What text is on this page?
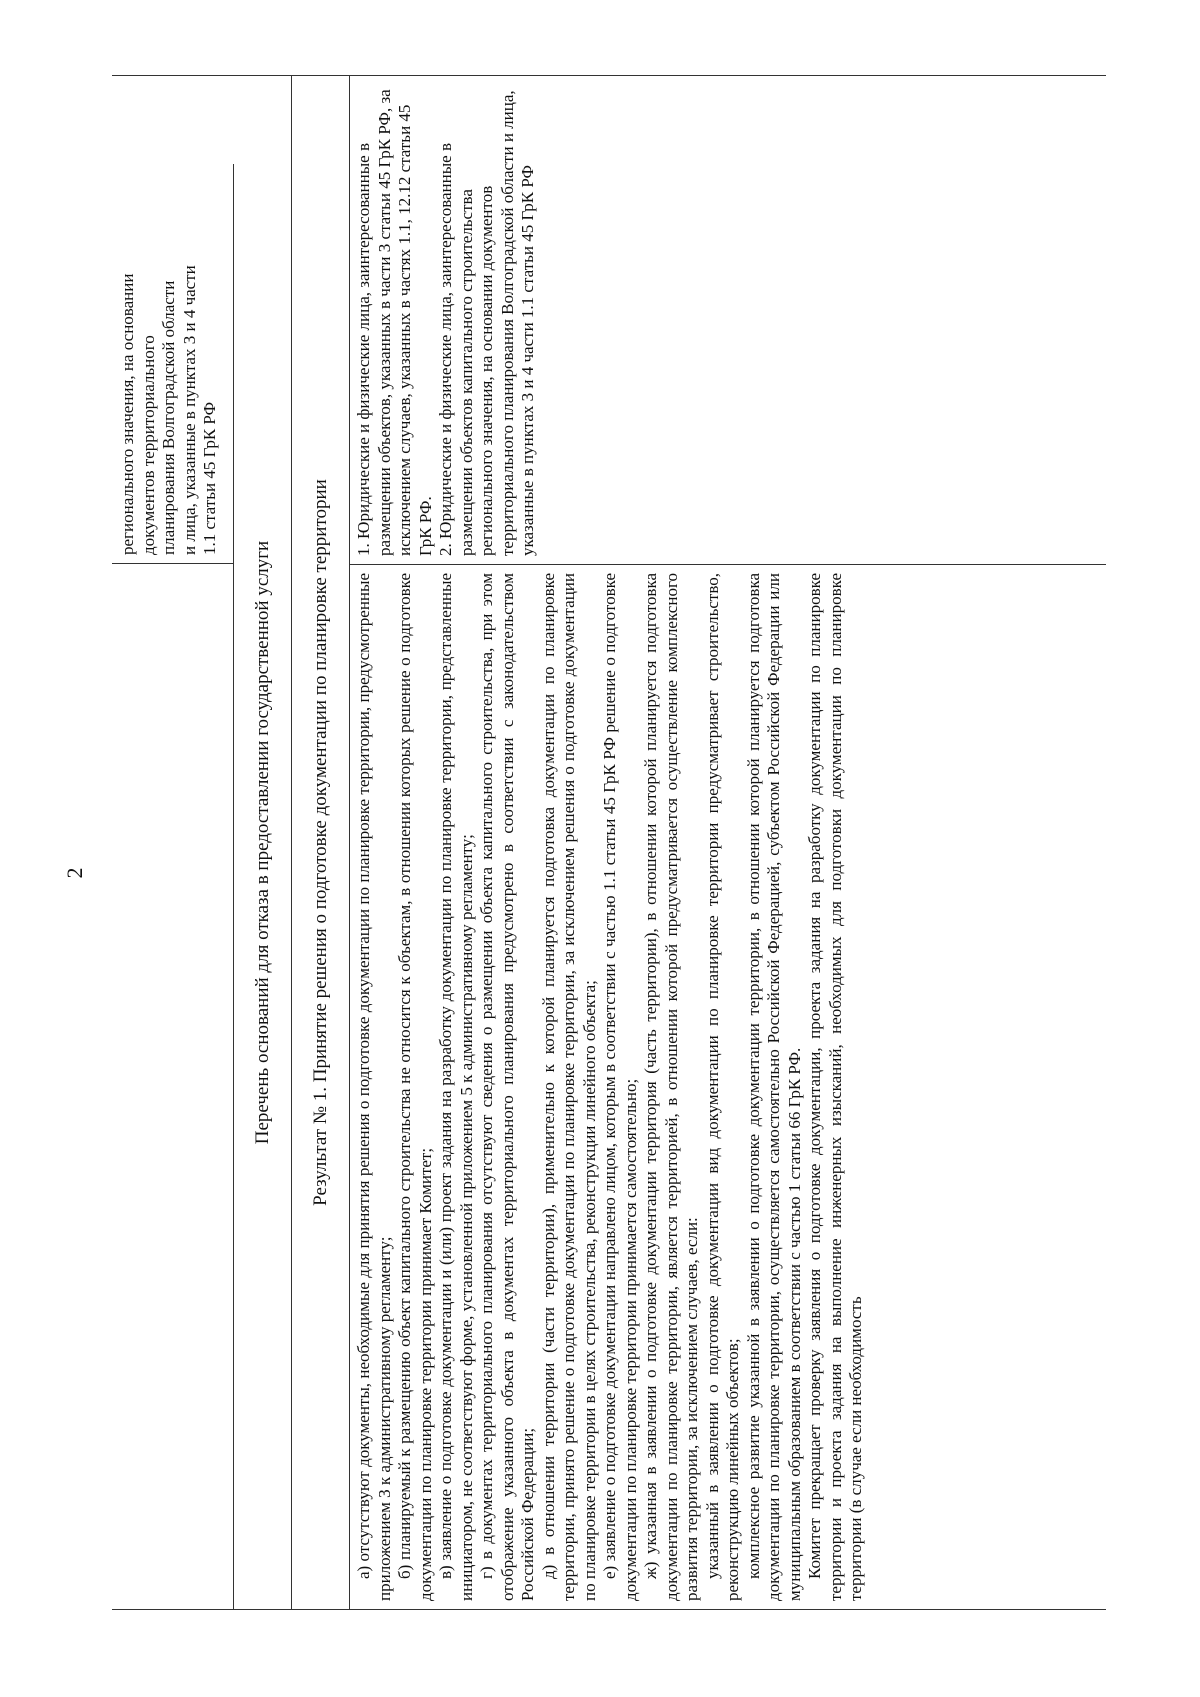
2
регионального значения, на основании
документов территориального
планирования Волгоградской области
и лица, указанные в пунктах 3 и 4 части
1.1 статьи 45 ГрК РФ
Перечень оснований для отказа в предоставлении государственной услуги	Результат № 1. Принятие решения о подготовке документации по планировке территории	а) отсутствуют документы, необходимые для принятия решения о подготовке документации по планировке территории, предусмотренные приложением 3 к административному регламенту; б) планируемый к размещению объект капитального строительства не относится к объектам, в отношении которых решение о подготовке документации по планировке территории принимает Комитет; в) заявление о подготовке документации и (или) проект задания на разработку документации по планировке территории, представленные инициатором, не соответствуют форме, установленной приложением 5 к административному регламенту; г) в документах территориального планирования отсутствуют сведения о размещении объекта капитального строительства, при этом отображение указанного объекта в документах территориального планирования предусмотрено в соответствии с законодательством Российской Федерации; д) в отношении территории (части территории), применительно к которой планируется подготовка документации по планировке территории, принято решение о подготовке документации по планировке территории, за исключением решения о подготовке документации по планировке территории в целях строительства, реконструкции линейного объекта; е) заявление о подготовке документации направлено лицом, которым в соответствии с частью 1.1 статьи 45 ГрК РФ решение о подготовке документации по планировке территории принимается самостоятельно; ж) указанная в заявлении о подготовке документации территория (часть территории), в отношении которой планируется подготовка документации по планировке территории, является территорией, в отношении которой предусматривается осуществление комплексного развития территории, за исключением случаев, если: указанный в заявлении о подготовке документации вид документации по планировке территории предусматривает строительство, реконструкцию линейных объектов; комплексное развитие указанной в заявлении о подготовке документации территории, в отношении которой планируется подготовка документации по планировке территории, осуществляется самостоятельно Российской Федерацией, субъектом Российской Федерации или муниципальным образованием в соответствии с частью 1 статьи 66 ГрК РФ. Комитет прекращает проверку заявления о подготовке документации, проекта задания на разработку документации по планировке территории и проекта задания на выполнение инженерных изысканий, необходимых для подготовки документации по планировке территории (в случае если необходимость

1. Юридические и физические лица, заинтересованные в размещении объектов, указанных в части 3 статьи 45 ГрК РФ, за исключением случаев, указанных в частях 1.1, 12.12 статьи 45 ГрК РФ. 2. Юридические и физические лица, заинтересованные в размещении объектов капитального строительства регионального значения, на основании документов территориального планирования Волгоградской области и лица, указанные в пунктах 3 и 4 части 1.1 статьи 45 ГрК РФ
